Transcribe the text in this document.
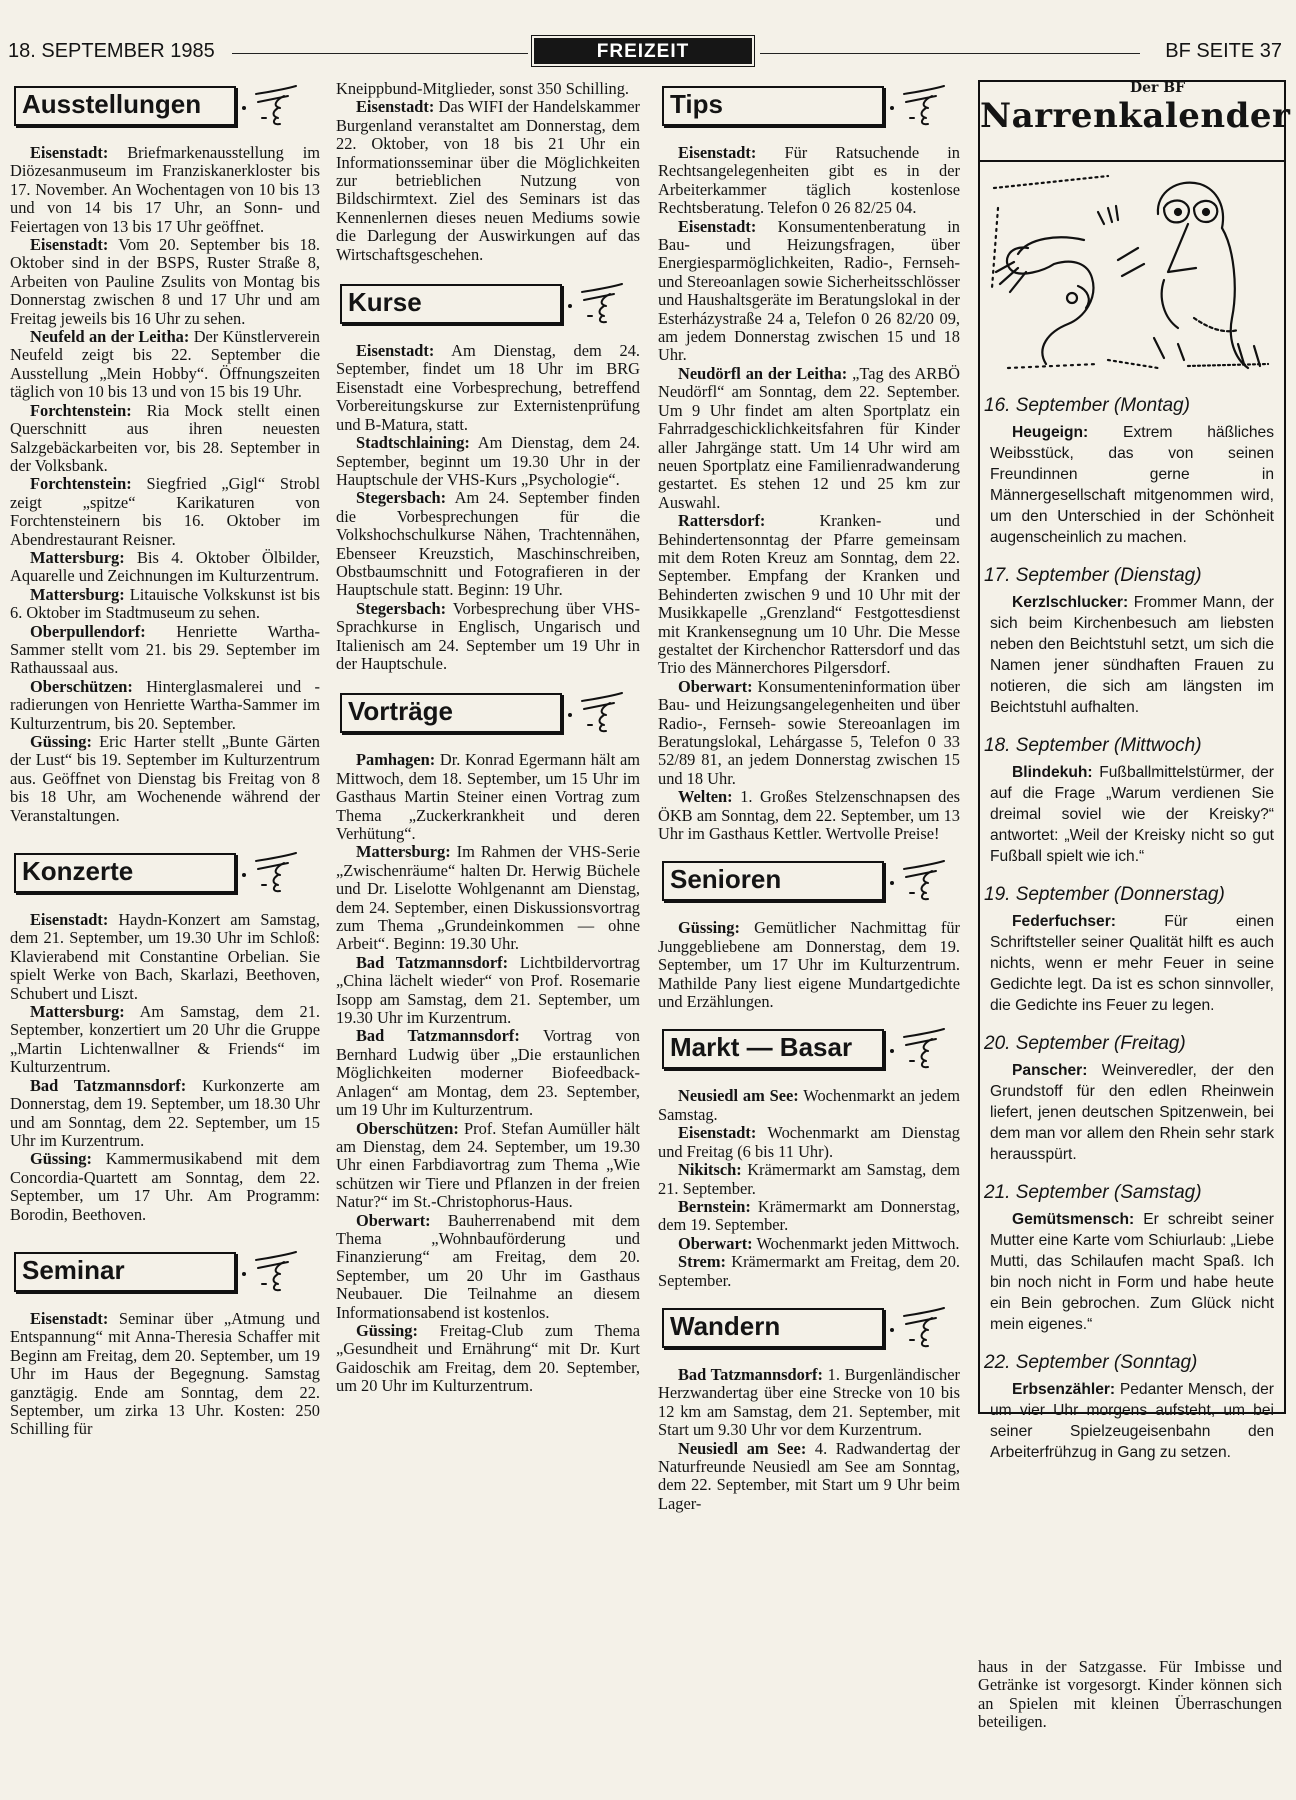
18. SEPTEMBER 1985	FREIZEIT	BF SEITE 37
Ausstellungen

Eisenstadt: Briefmarkenausstellung im Diözesanmuseum im Franziskanerkloster bis 17. November. An Wochentagen von 10 bis 13 und von 14 bis 17 Uhr, an Sonn- und Feiertagen von 13 bis 17 Uhr geöffnet.

Eisenstadt: Vom 20. September bis 18. Oktober sind in der BSPS, Ruster Straße 8, Arbeiten von Pauline Zsulits von Montag bis Donnerstag zwischen 8 und 17 Uhr und am Freitag jeweils bis 16 Uhr zu sehen.

Neufeld an der Leitha: Der Künstlerverein Neufeld zeigt bis 22. September die Ausstellung „Mein Hobby“. Öffnungszeiten täglich von 10 bis 13 und von 15 bis 19 Uhr.

Forchtenstein: Ria Mock stellt einen Querschnitt aus ihren neuesten Salzgebäckarbeiten vor, bis 28. September in der Volksbank.

Forchtenstein: Siegfried „Gigl“ Strobl zeigt „spitze“ Karikaturen von Forchtensteinern bis 16. Oktober im Abendrestaurant Reisner.

Mattersburg: Bis 4. Oktober Ölbilder, Aquarelle und Zeichnungen im Kulturzentrum.

Mattersburg: Litauische Volkskunst ist bis 6. Oktober im Stadtmuseum zu sehen.

Oberpullendorf: Henriette Wartha-Sammer stellt vom 21. bis 29. September im Rathaussaal aus.

Oberschützen: Hinterglasmalerei und -radierungen von Henriette Wartha-Sammer im Kulturzentrum, bis 20. September.

Güssing: Eric Harter stellt „Bunte Gärten der Lust“ bis 19. September im Kulturzentrum aus. Geöffnet von Dienstag bis Freitag von 8 bis 18 Uhr, am Wochenende während der Veranstaltungen.

Konzerte

Eisenstadt: Haydn-Konzert am Samstag, dem 21. September, um 19.30 Uhr im Schloß: Klavierabend mit Constantine Orbelian. Sie spielt Werke von Bach, Skarlazi, Beethoven, Schubert und Liszt.

Mattersburg: Am Samstag, dem 21. September, konzertiert um 20 Uhr die Gruppe „Martin Lichtenwallner & Friends“ im Kulturzentrum.

Bad Tatzmannsdorf: Kurkonzerte am Donnerstag, dem 19. September, um 18.30 Uhr und am Sonntag, dem 22. September, um 15 Uhr im Kurzentrum.

Güssing: Kammermusikabend mit dem Concordia-Quartett am Sonntag, dem 22. September, um 17 Uhr. Am Programm: Borodin, Beethoven.

Seminar

Eisenstadt: Seminar über „Atmung und Entspannung“ mit Anna-Theresia Schaffer mit Beginn am Freitag, dem 20. September, um 19 Uhr im Haus der Begegnung. Samstag ganztägig. Ende am Sonntag, dem 22. September, um zirka 13 Uhr. Kosten: 250 Schilling für

Kneippbund-Mitglieder, sonst 350 Schilling.

Eisenstadt: Das WIFI der Handelskammer Burgenland veranstaltet am Donnerstag, dem 22. Oktober, von 18 bis 21 Uhr ein Informationsseminar über die Möglichkeiten zur betrieblichen Nutzung von Bildschirmtext. Ziel des Seminars ist das Kennenlernen dieses neuen Mediums sowie die Darlegung der Auswirkungen auf das Wirtschaftsgeschehen.

Kurse

Eisenstadt: Am Dienstag, dem 24. September, findet um 18 Uhr im BRG Eisenstadt eine Vorbesprechung, betreffend Vorbereitungskurse zur Externistenprüfung und B-Matura, statt.

Stadtschlaining: Am Dienstag, dem 24. September, beginnt um 19.30 Uhr in der Hauptschule der VHS-Kurs „Psychologie“.

Stegersbach: Am 24. September finden die Vorbesprechungen für die Volkshochschulkurse Nähen, Trachtennähen, Ebenseer Kreuzstich, Maschinschreiben, Obstbaumschnitt und Fotografieren in der Hauptschule statt. Beginn: 19 Uhr.

Stegersbach: Vorbesprechung über VHS-Sprachkurse in Englisch, Ungarisch und Italienisch am 24. September um 19 Uhr in der Hauptschule.

Vorträge

Pamhagen: Dr. Konrad Egermann hält am Mittwoch, dem 18. September, um 15 Uhr im Gasthaus Martin Steiner einen Vortrag zum Thema „Zuckerkrankheit und deren Verhütung“.

Mattersburg: Im Rahmen der VHS-Serie „Zwischenräume“ halten Dr. Herwig Büchele und Dr. Liselotte Wohlgenannt am Dienstag, dem 24. September, einen Diskussionsvortrag zum Thema „Grundeinkommen — ohne Arbeit“. Beginn: 19.30 Uhr.

Bad Tatzmannsdorf: Lichtbildervortrag „China lächelt wieder“ von Prof. Rosemarie Isopp am Samstag, dem 21. September, um 19.30 Uhr im Kurzentrum.

Bad Tatzmannsdorf: Vortrag von Bernhard Ludwig über „Die erstaunlichen Möglichkeiten moderner Biofeedback-Anlagen“ am Montag, dem 23. September, um 19 Uhr im Kulturzentrum.

Oberschützen: Prof. Stefan Aumüller hält am Dienstag, dem 24. September, um 19.30 Uhr einen Farbdiavortrag zum Thema „Wie schützen wir Tiere und Pflanzen in der freien Natur?“ im St.-Christophorus-Haus.

Oberwart: Bauherrenabend mit dem Thema „Wohnbauförderung und Finanzierung“ am Freitag, dem 20. September, um 20 Uhr im Gasthaus Neubauer. Die Teilnahme an diesem Informationsabend ist kostenlos.

Güssing: Freitag-Club zum Thema „Gesundheit und Ernährung“ mit Dr. Kurt Gaidoschik am Freitag, dem 20. September, um 20 Uhr im Kulturzentrum.

Tips

Eisenstadt: Für Ratsuchende in Rechtsangelegenheiten gibt es in der Arbeiterkammer täglich kostenlose Rechtsberatung. Telefon 0 26 82/25 04.

Eisenstadt: Konsumentenberatung in Bau- und Heizungsfragen, über Energiesparmöglichkeiten, Radio-, Fernseh- und Stereoanlagen sowie Sicherheitsschlösser und Haushaltsgeräte im Beratungslokal in der Esterházystraße 24 a, Telefon 0 26 82/20 09, am jedem Donnerstag zwischen 15 und 18 Uhr.

Neudörfl an der Leitha: „Tag des ARBÖ Neudörfl“ am Sonntag, dem 22. September. Um 9 Uhr findet am alten Sportplatz ein Fahrradgeschicklichkeitsfahren für Kinder aller Jahrgänge statt. Um 14 Uhr wird am neuen Sportplatz eine Familienradwanderung gestartet. Es stehen 12 und 25 km zur Auswahl.

Rattersdorf: Kranken- und Behindertensonntag der Pfarre gemeinsam mit dem Roten Kreuz am Sonntag, dem 22. September. Empfang der Kranken und Behinderten zwischen 9 und 10 Uhr mit der Musikkapelle „Grenzland“ Festgottesdienst mit Krankensegnung um 10 Uhr. Die Messe gestaltet der Kirchenchor Rattersdorf und das Trio des Männerchores Pilgersdorf.

Oberwart: Konsumenteninformation über Bau- und Heizungsangelegenheiten und über Radio-, Fernseh- sowie Stereoanlagen im Beratungslokal, Lehárgasse 5, Telefon 0 33 52/89 81, an jedem Donnerstag zwischen 15 und 18 Uhr.

Welten: 1. Großes Stelzenschnapsen des ÖKB am Sonntag, dem 22. September, um 13 Uhr im Gasthaus Kettler. Wertvolle Preise!

Senioren

Güssing: Gemütlicher Nachmittag für Junggebliebene am Donnerstag, dem 19. September, um 17 Uhr im Kulturzentrum. Mathilde Pany liest eigene Mundartgedichte und Erzählungen.

Markt — Basar

Neusiedl am See: Wochenmarkt an jedem Samstag.

Eisenstadt: Wochenmarkt am Dienstag und Freitag (6 bis 11 Uhr).

Nikitsch: Krämermarkt am Samstag, dem 21. September.

Bernstein: Krämermarkt am Donnerstag, dem 19. September.

Oberwart: Wochenmarkt jeden Mittwoch.

Strem: Krämermarkt am Freitag, dem 20. September.

Wandern

Bad Tatzmannsdorf: 1. Burgenländischer Herzwandertag über eine Strecke von 10 bis 12 km am Samstag, dem 21. September, mit Start um 9.30 Uhr vor dem Kurzentrum.

Neusiedl am See: 4. Radwandertag der Naturfreunde Neusiedl am See am Sonntag, dem 22. September, mit Start um 9 Uhr beim Lager-

Der BF
Narrenkalender
16. September (Montag)

Heugeign: Extrem häßliches Weibsstück, das von seinen Freundinnen gerne in Männergesellschaft mitgenommen wird, um den Unterschied in der Schönheit augenscheinlich zu machen.

17. September (Dienstag)

Kerzlschlucker: Frommer Mann, der sich beim Kirchenbesuch am liebsten neben den Beichtstuhl setzt, um sich die Namen jener sündhaften Frauen zu notieren, die sich am längsten im Beichtstuhl aufhalten.

18. September (Mittwoch)

Blindekuh: Fußballmittelstürmer, der auf die Frage „Warum verdienen Sie dreimal soviel wie der Kreisky?“ antwortet: „Weil der Kreisky nicht so gut Fußball spielt wie ich.“

19. September (Donnerstag)

Federfuchser: Für einen Schriftsteller seiner Qualität hilft es auch nichts, wenn er mehr Feuer in seine Gedichte legt. Da ist es schon sinnvoller, die Gedichte ins Feuer zu legen.

20. September (Freitag)

Panscher: Weinveredler, der den Grundstoff für den edlen Rheinwein liefert, jenen deutschen Spitzenwein, bei dem man vor allem den Rhein sehr stark herausspürt.

21. September (Samstag)

Gemütsmensch: Er schreibt seiner Mutter eine Karte vom Schiurlaub: „Liebe Mutti, das Schilaufen macht Spaß. Ich bin noch nicht in Form und habe heute ein Bein gebrochen. Zum Glück nicht mein eigenes.“

22. September (Sonntag)

Erbsenzähler: Pedanter Mensch, der um vier Uhr morgens aufsteht, um bei seiner Spielzeugeisenbahn den Arbeiterfrühzug in Gang zu setzen.

haus in der Satzgasse. Für Imbisse und Getränke ist vorgesorgt. Kinder können sich an Spielen mit kleinen Überraschungen beteiligen.
